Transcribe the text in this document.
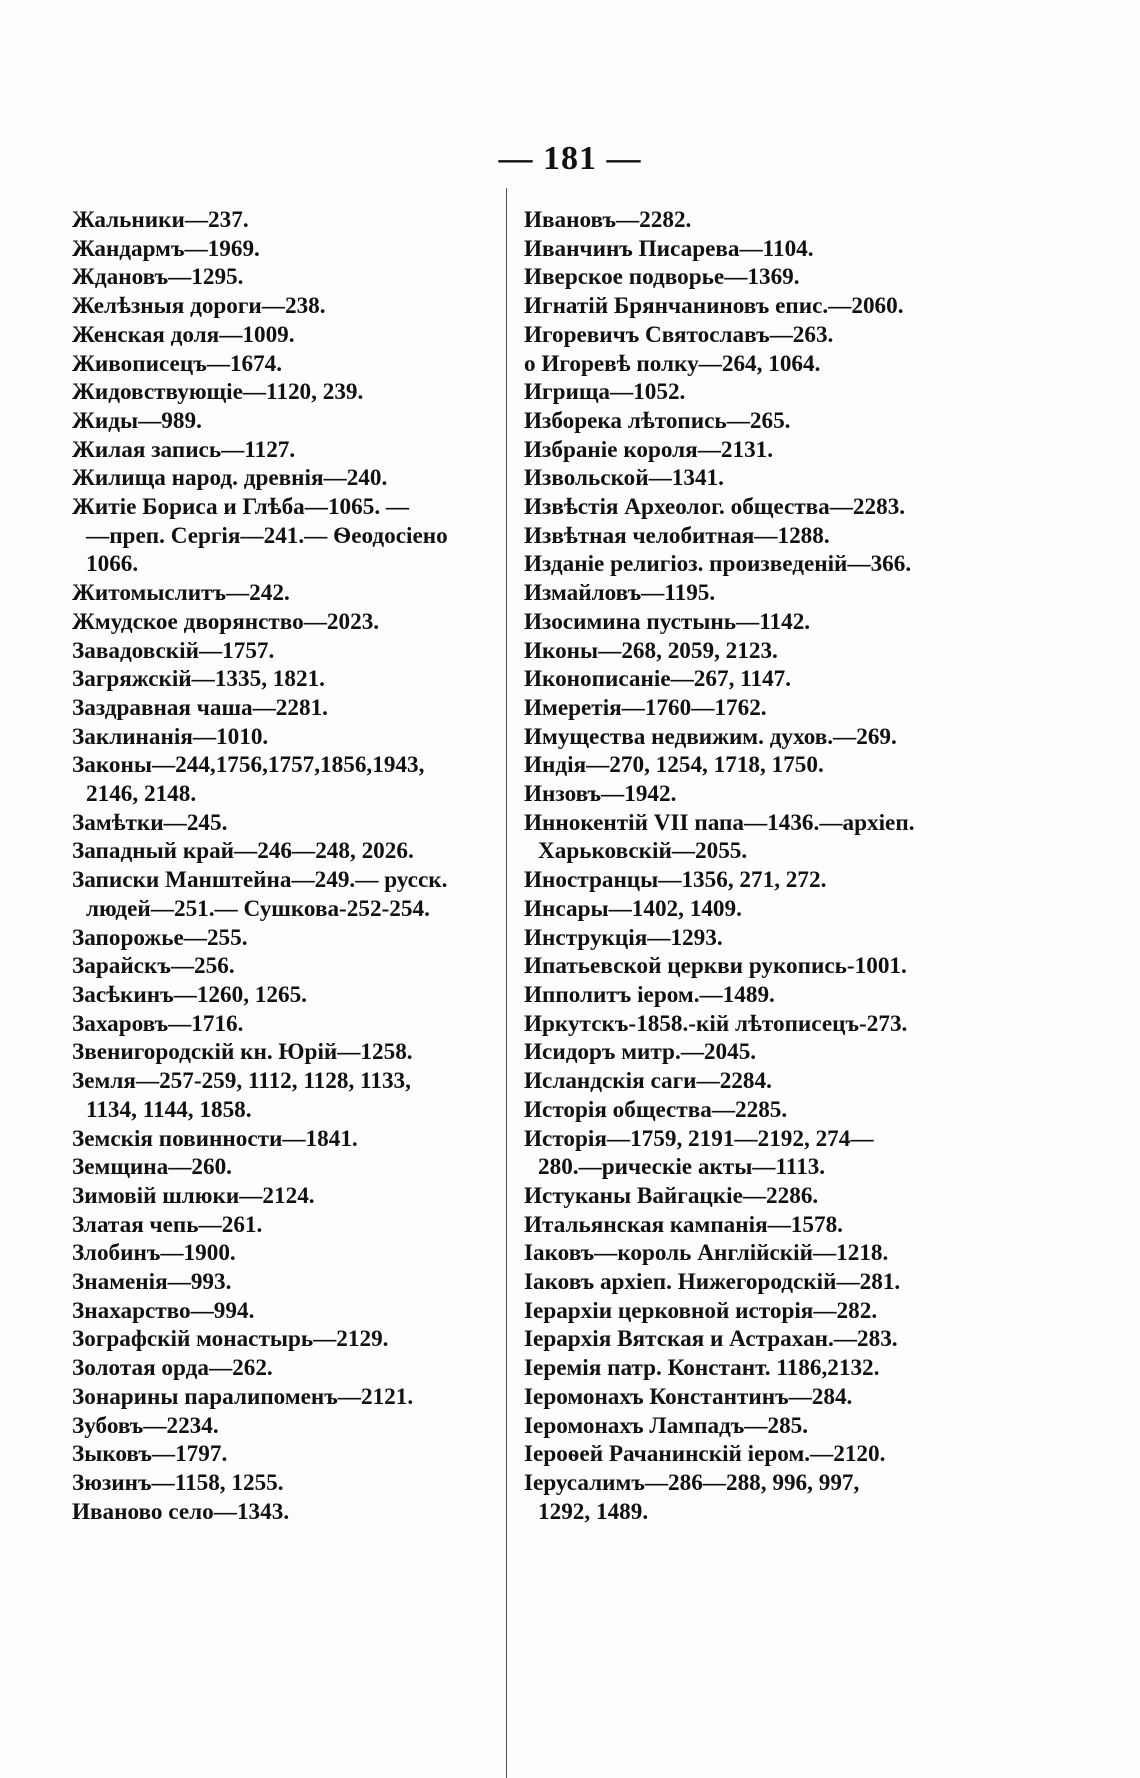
— 181 —
Жальники—237.
Жандармъ—1969.
Ждановъ—1295.
Желѣзныя дороги—238.
Женская доля—1009.
Живописецъ—1674.
Жидовствующіе—1120, 239.
Жиды—989.
Жилая запись—1127.
Жилища народ. древнія—240.
Житіе Бориса и Глѣба—1065. —
—преп. Сергія—241.— Ѳеодосіено
1066.
Житомыслитъ—242.
Жмудское дворянство—2023.
Завадовскій—1757.
Загряжскій—1335, 1821.
Заздравная чаша—2281.
Заклинанія—1010.
Законы—244,1756,1757,1856,1943,
2146, 2148.
Замѣтки—245.
Западный край—246—248, 2026.
Записки Манштейна—249.— русск.
людей—251.— Сушкова-252-254.
Запорожье—255.
Зарайскъ—256.
Засѣкинъ—1260, 1265.
Захаровъ—1716.
Звенигородскій кн. Юрій—1258.
Земля—257-259, 1112, 1128, 1133,
1134, 1144, 1858.
Земскія повинности—1841.
Земщина—260.
Зимовій шлюки—2124.
Златая чепь—261.
Злобинъ—1900.
Знаменія—993.
Знахарство—994.
Зографскій монастырь—2129.
Золотая орда—262.
Зонарины паралипоменъ—2121.
Зубовъ—2234.
Зыковъ—1797.
Зюзинъ—1158, 1255.
Иваново село—1343.
Ивановъ—2282.
Иванчинъ Писарева—1104.
Иверское подворье—1369.
Игнатій Брянчаниновъ епис.—2060.
Игоревичъ Святославъ—263.
о Игоревѣ полку—264, 1064.
Игрища—1052.
Изборека лѣтопись—265.
Избраніе короля—2131.
Извольской—1341.
Извѣстія Археолог. общества—2283.
Извѣтная челобитная—1288.
Изданіе религіоз. произведеній—366.
Измайловъ—1195.
Изосимина пустынь—1142.
Иконы—268, 2059, 2123.
Иконописаніе—267, 1147.
Имеретія—1760—1762.
Имущества недвижим. духов.—269.
Индія—270, 1254, 1718, 1750.
Инзовъ—1942.
Иннокентій VII папа—1436.—архіеп.
Харьковскій—2055.
Иностранцы—1356, 271, 272.
Инсары—1402, 1409.
Инструкція—1293.
Ипатьевской церкви рукопись-1001.
Ипполитъ іером.—1489.
Иркутскъ-1858.-кій лѣтописецъ-273.
Исидоръ митр.—2045.
Исландскія саги—2284.
Исторія общества—2285.
Исторія—1759, 2191—2192, 274—
280.—рическіе акты—1113.
Истуканы Вайгацкіе—2286.
Итальянская кампанія—1578.
Іаковъ—король Англійскій—1218.
Іаковъ архіеп. Нижегородскій—281.
Іерархіи церковной исторія—282.
Іерархія Вятская и Астрахан.—283.
Іеремія патр. Констант. 1186,2132.
Іеромонахъ Константинъ—284.
Іеромонахъ Лампадъ—285.
Іероѳей Рачанинскій іером.—2120.
Іерусалимъ—286—288, 996, 997,
1292, 1489.
